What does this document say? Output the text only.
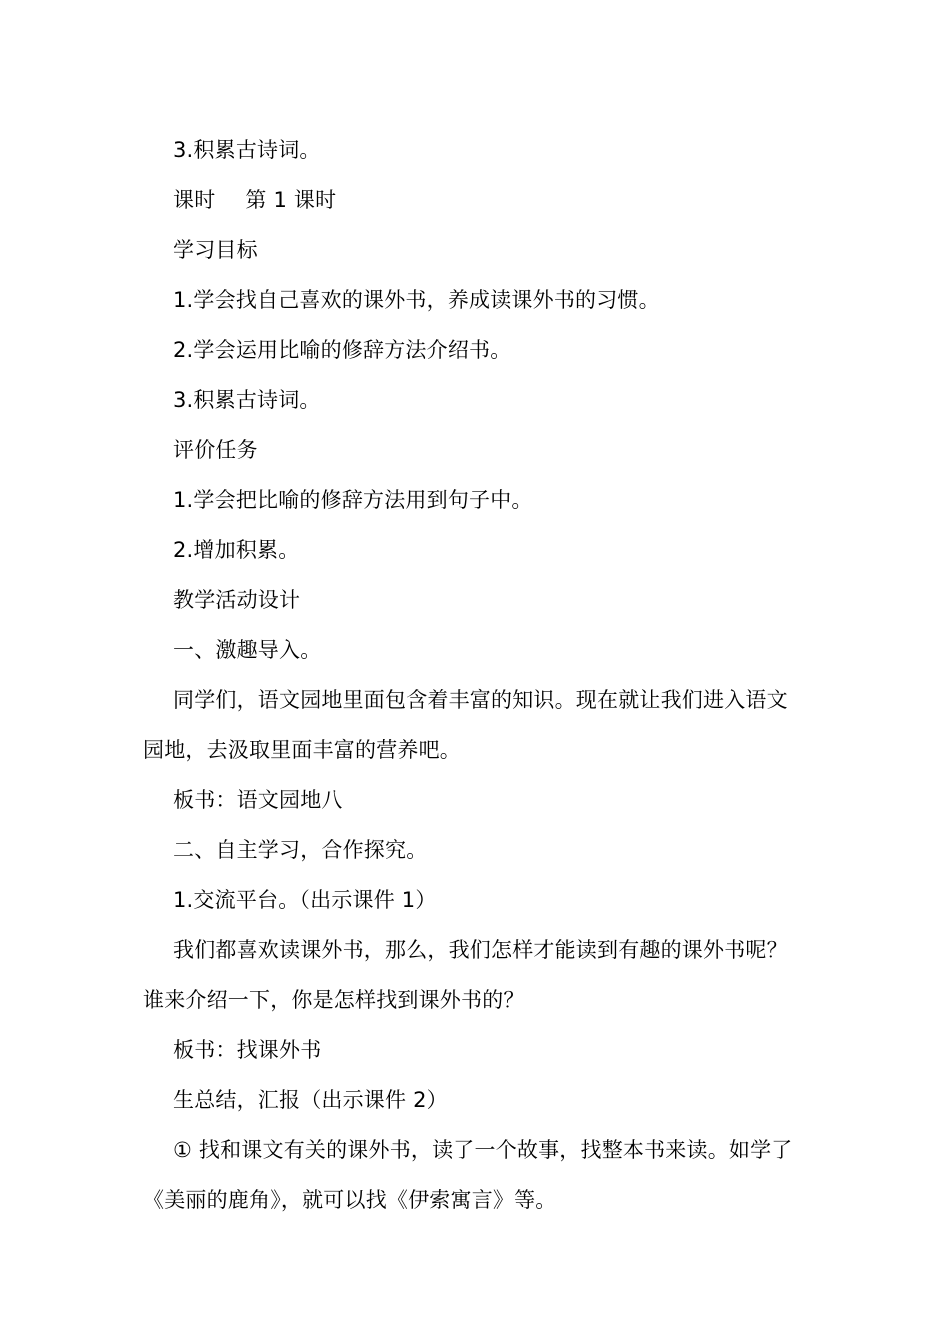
3.积累古诗词。

课时 第 1 课时

学习目标

1.学会找自己喜欢的课外书，养成读课外书的习惯。

2.学会运用比喻的修辞方法介绍书。

3.积累古诗词。

评价任务

1.学会把比喻的修辞方法用到句子中。

2.增加积累。

教学活动设计

一、激趣导入。

同学们，语文园地里面包含着丰富的知识。现在就让我们进入语文园地，去汲取里面丰富的营养吧。

板书：语文园地八

二、自主学习，合作探究。

1.交流平台。（出示课件 1）

我们都喜欢读课外书，那么，我们怎样才能读到有趣的课外书呢？谁来介绍一下，你是怎样找到课外书的？

板书：找课外书

生总结，汇报（出示课件 2）

① 找和课文有关的课外书，读了一个故事，找整本书来读。如学了《美丽的鹿角》，就可以找《伊索寓言》等。
